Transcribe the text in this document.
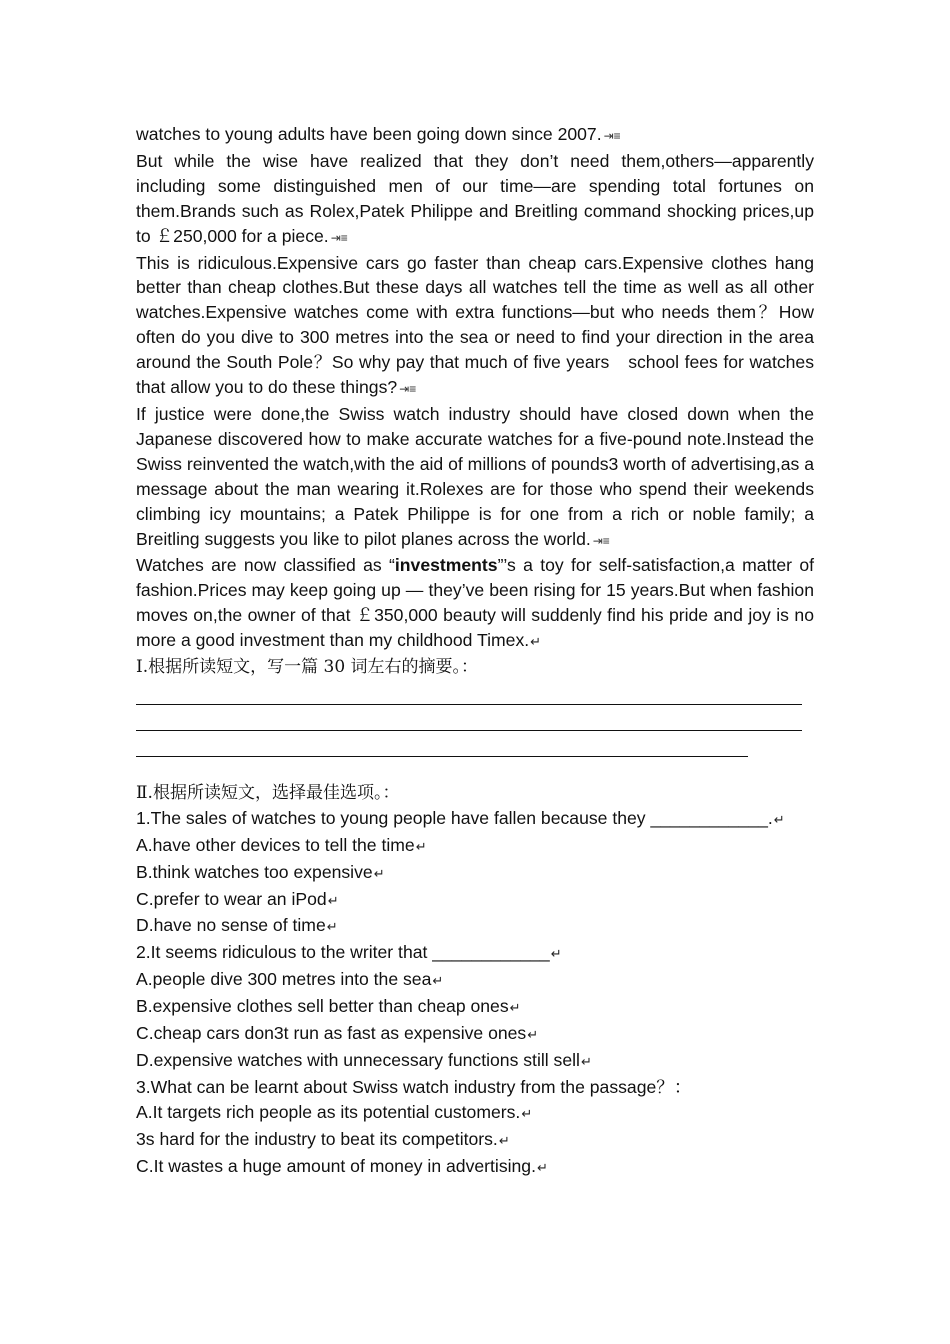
watches to young adults have been going down since 2007. ⇥≡

But while the wise have realized that they don’t need them,others—apparently including some distinguished men of our time—are spending total fortunes on them.Brands such as Rolex,Patek Philippe and Breitling command shocking prices,up to ￡250,000 for a piece. ⇥≡

This is ridiculous.Expensive cars go faster than cheap cars.Expensive clothes hang better than cheap clothes.But these days all watches tell the time as well as all other watches.Expensive watches come with extra functions—but who needs them？How often do you dive to 300 metres into the sea or need to find your direction in the area around the South Pole？So why pay that much of five years　school fees for watches that allow you to do these things? ⇥≡

If justice were done,the Swiss watch industry should have closed down when the Japanese discovered how to make accurate watches for a five-pound note.Instead the Swiss reinvented the watch,with the aid of millions of pounds3 worth of advertising,as a message about the man wearing it.Rolexes are for those who spend their weekends climbing icy mountains; a Patek Philippe is for one from a rich or noble family; a Breitling suggests you like to pilot planes across the world. ⇥≡

Watches are now classified as “investments”’s a toy for self-satisfaction,a matter of fashion.Prices may keep going up — they’ve been rising for 15 years.But when fashion moves on,the owner of that ￡350,000 beauty will suddenly find his pride and joy is no more a good investment than my childhood Timex.↵

Ⅰ.根据所读短文，写一篇 30 词左右的摘要。：

Ⅱ.根据所读短文，选择最佳选项。：

1.The sales of watches to young people have fallen because they ____________.↵

A.have other devices to tell the time↵

B.think watches too expensive↵

C.prefer to wear an iPod↵

D.have no sense of time↵

2.It seems ridiculous to the writer that ____________↵

A.people dive 300 metres into the sea↵

B.expensive clothes sell better than cheap ones↵

C.cheap cars don3t run as fast as expensive ones↵

D.expensive watches with unnecessary functions still sell↵

3.What can be learnt about Swiss watch industry from the passage？：

A.It targets rich people as its potential customers.↵

3s hard for the industry to beat its competitors.↵

C.It wastes a huge amount of money in advertising.↵
